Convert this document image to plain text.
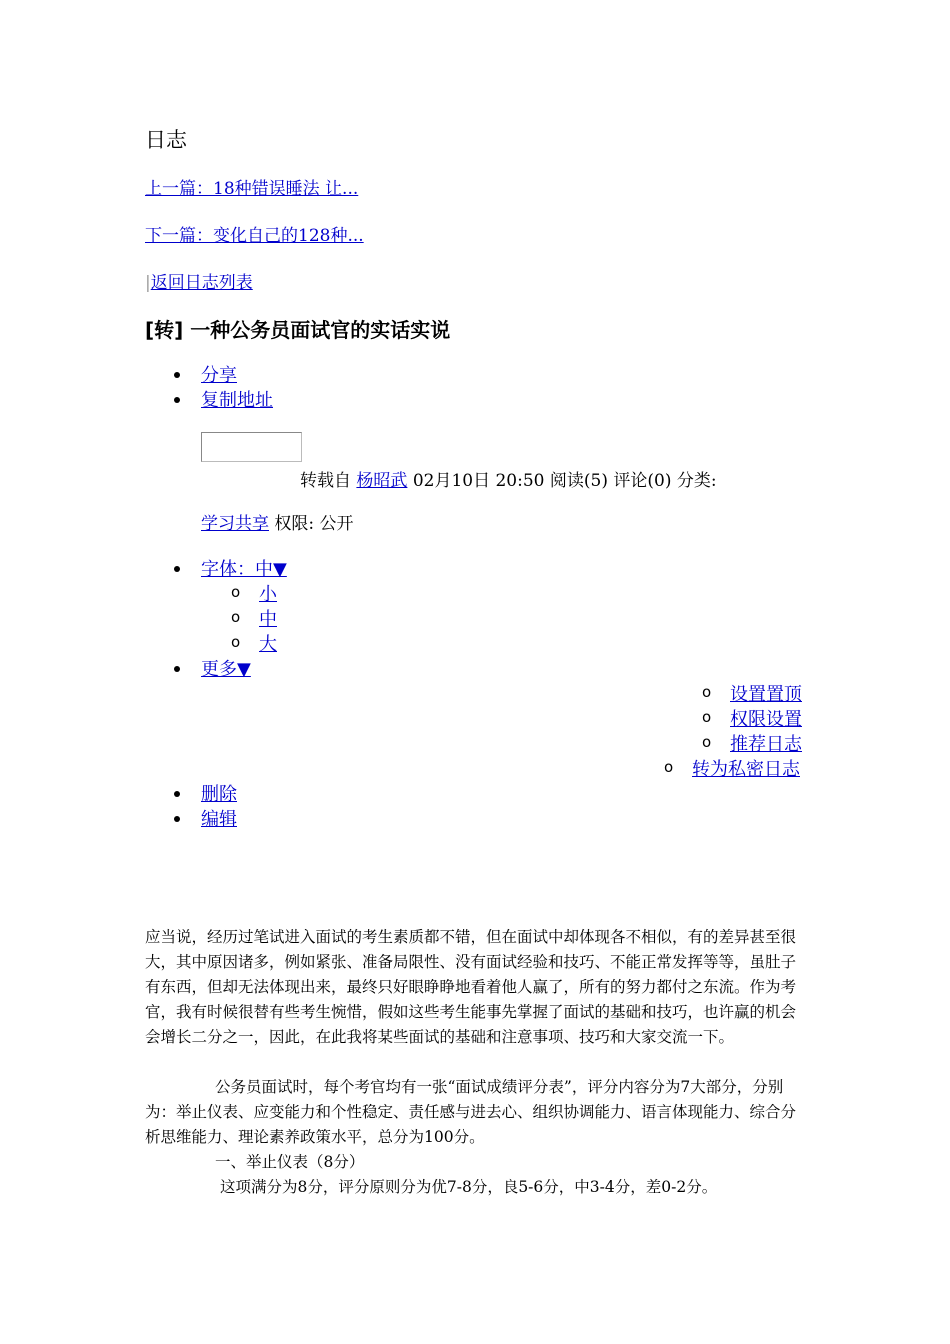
日志
上一篇：18种错误睡法 让...
下一篇：变化自己的128种...
|返回日志列表
[转] 一种公务员面试官的实话实说
分享
复制地址
转载自 杨昭武 02月10日 20:50 阅读(5) 评论(0) 分类:
学习共享 权限: 公开
字体：中▼
o 小
o 中
o 大
更多▼
o 设置置顶
o 权限设置
o 推荐日志
o 转为私密日志
删除
编辑
应当说，经历过笔试进入面试的考生素质都不错，但在面试中却体现各不相似，有的差异甚至很大，其中原因诸多，例如紧张、准备局限性、没有面试经验和技巧、不能正常发挥等等，虽肚子有东西，但却无法体现出来，最终只好眼睁睁地看着他人赢了，所有的努力都付之东流。作为考官，我有时候很替有些考生惋惜，假如这些考生能事先掌握了面试的基础和技巧，也许赢的机会会增长二分之一，因此，在此我将某些面试的基础和注意事项、技巧和大家交流一下。
公务员面试时，每个考官均有一张“面试成绩评分表”，评分内容分为7大部分，分别为：举止仪表、应变能力和个性稳定、责任感与进去心、组织协调能力、语言体现能力、综合分析思维能力、理论素养政策水平，总分为100分。
一、举止仪表（8分）
这项满分为8分，评分原则分为优7-8分，良5-6分，中3-4分，差0-2分。
